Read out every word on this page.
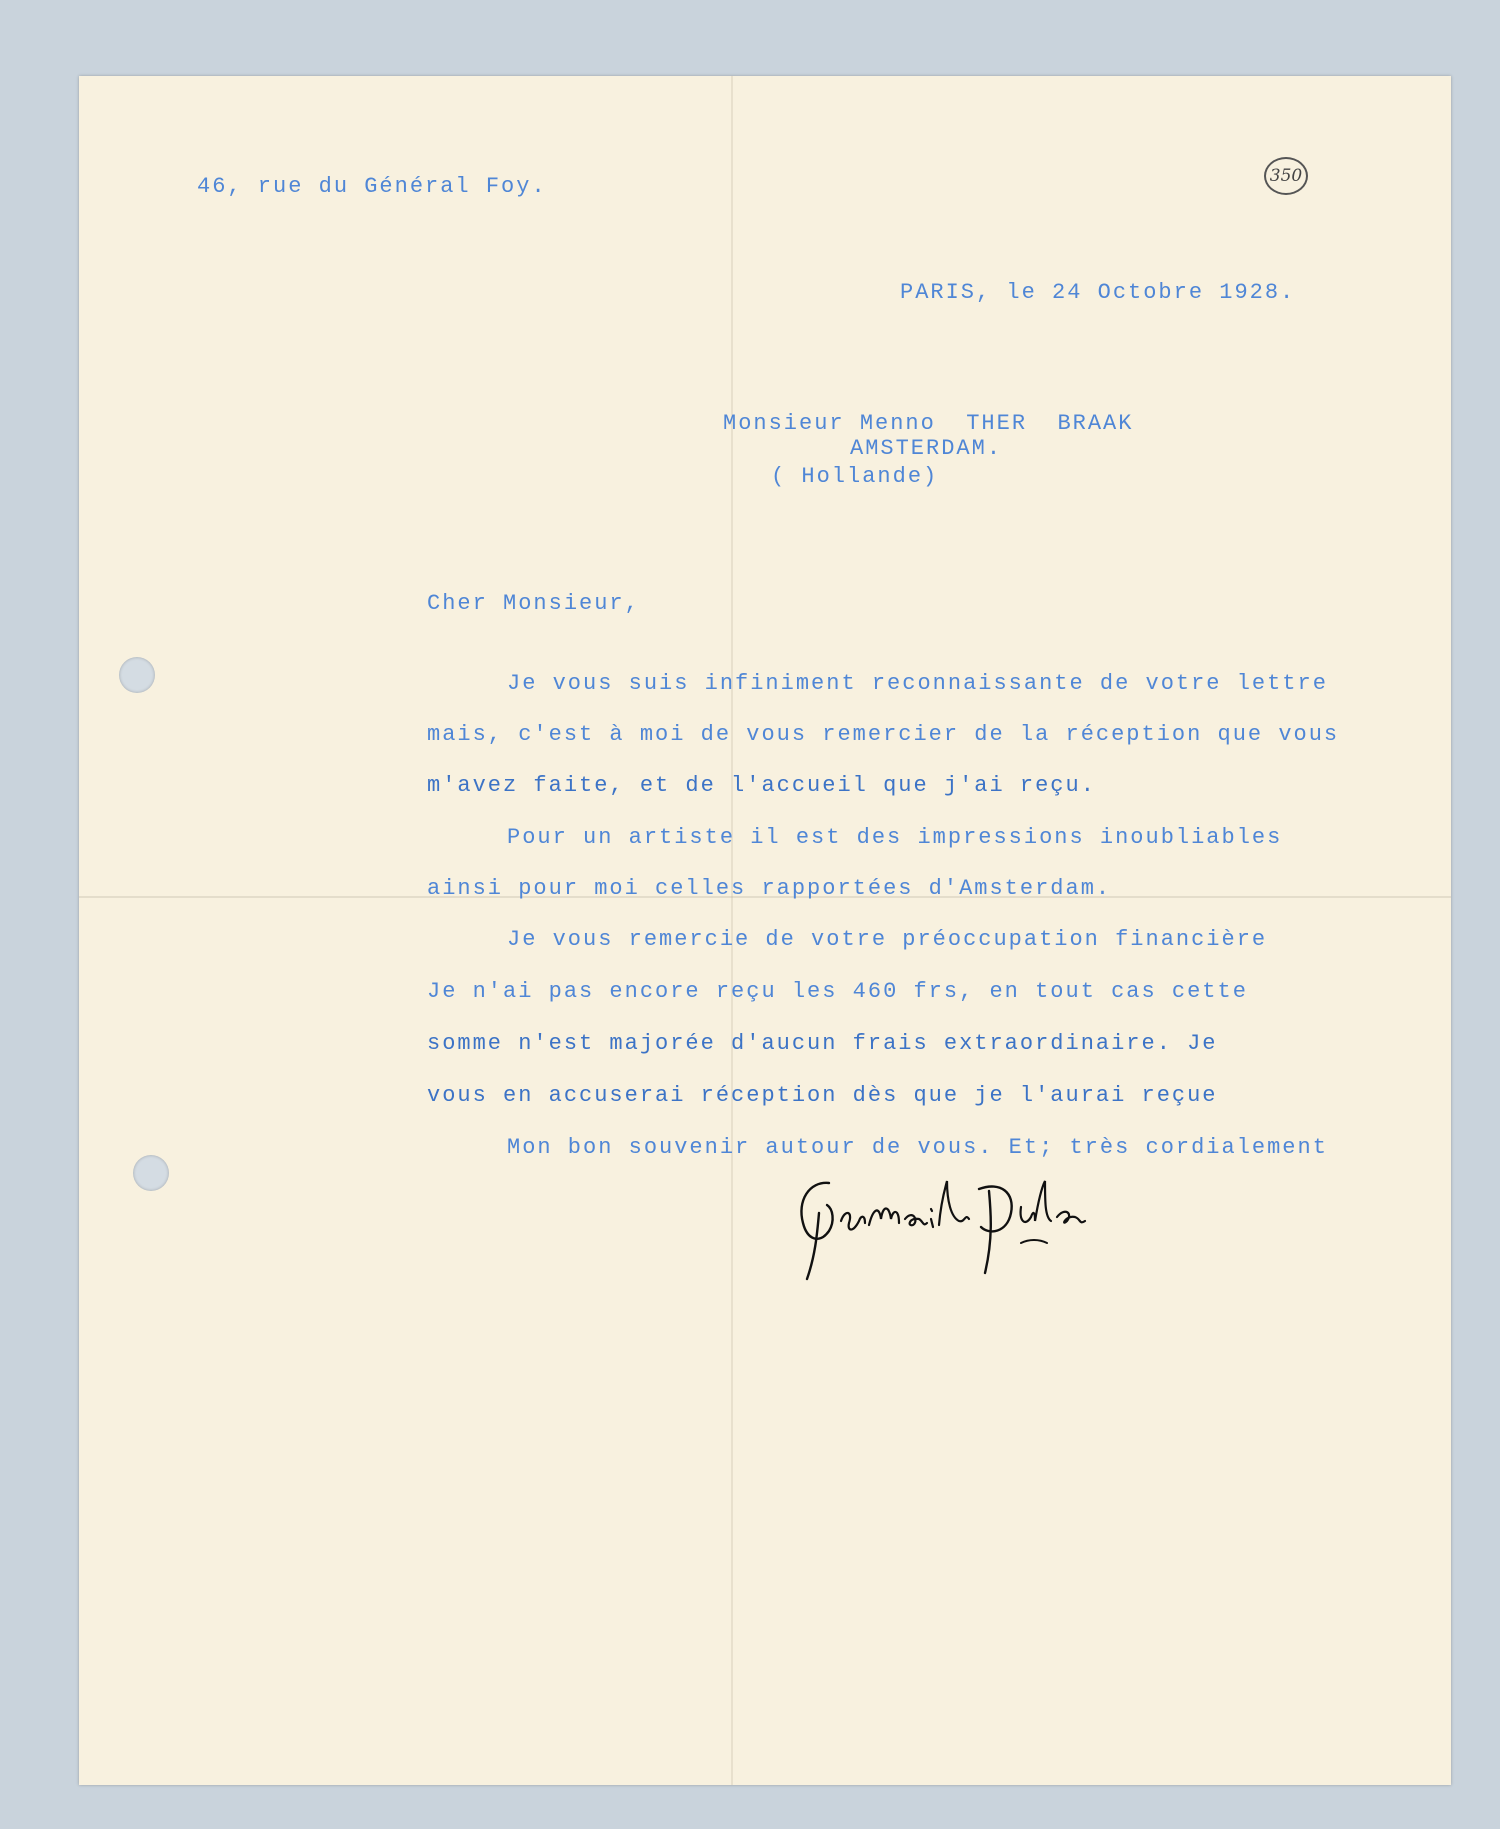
350
46, rue du Général Foy.
PARIS, le 24 Octobre 1928.
Monsieur Menno  THER  BRAAK
AMSTERDAM.
( Hollande)
Cher Monsieur,
Je vous suis infiniment reconnaissante de votre lettre
mais, c'est à moi de vous remercier de la réception que vous
m'avez faite, et de l'accueil que j'ai reçu.
Pour un artiste il est des impressions inoubliables
ainsi pour moi celles rapportées d'Amsterdam.
Je vous remercie de votre préoccupation financière
Je n'ai pas encore reçu les 460 frs, en tout cas cette
somme n'est majorée d'aucun frais extraordinaire. Je
vous en accuserai réception dès que je l'aurai reçue
Mon bon souvenir autour de vous. Et; très cordialement
